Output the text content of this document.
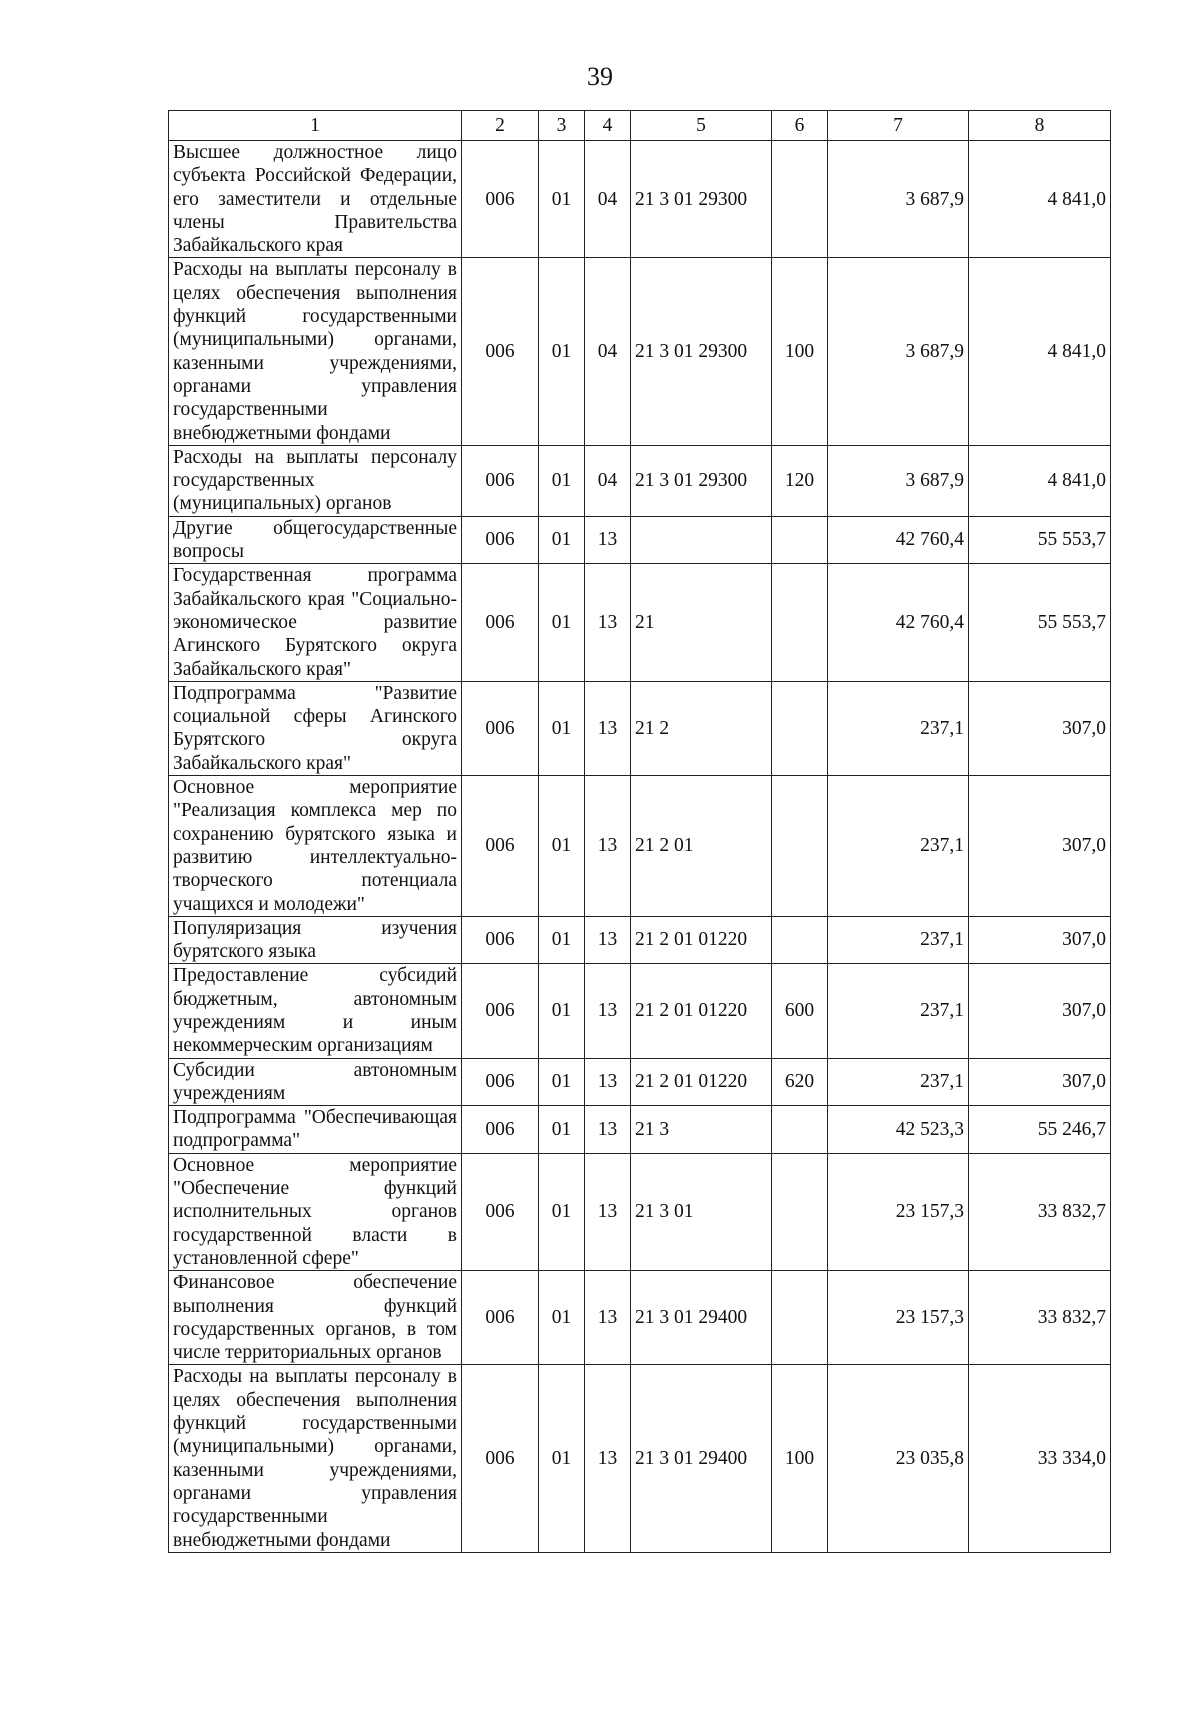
39
1	2	3	4	5	6	7	8
Высшее должностное лицо субъекта Российской Федерации, его заместители и отдельные члены Правительства Забайкальского края	006	01	04	21 3 01 29300		3 687,9	4 841,0
Расходы на выплаты персоналу в целях обеспечения выполнения функций государственными (муниципальными) органами, казенными учреждениями, органами управления государственными внебюджетными фондами	006	01	04	21 3 01 29300	100	3 687,9	4 841,0
Расходы на выплаты персоналу государственных (муниципальных) органов	006	01	04	21 3 01 29300	120	3 687,9	4 841,0
Другие общегосударственные вопросы	006	01	13			42 760,4	55 553,7
Государственная программа Забайкальского края "Социально-экономическое развитие Агинского Бурятского округа Забайкальского края"	006	01	13	21		42 760,4	55 553,7
Подпрограмма "Развитие социальной сферы Агинского Бурятского округа Забайкальского края"	006	01	13	21 2		237,1	307,0
Основное мероприятие "Реализация комплекса мер по сохранению бурятского языка и развитию интеллектуально-творческого потенциала учащихся и молодежи"	006	01	13	21 2 01		237,1	307,0
Популяризация изучения бурятского языка	006	01	13	21 2 01 01220		237,1	307,0
Предоставление субсидий бюджетным, автономным учреждениям и иным некоммерческим организациям	006	01	13	21 2 01 01220	600	237,1	307,0
Субсидии автономным учреждениям	006	01	13	21 2 01 01220	620	237,1	307,0
Подпрограмма "Обеспечивающая подпрограмма"	006	01	13	21 3		42 523,3	55 246,7
Основное мероприятие "Обеспечение функций исполнительных органов государственной власти в установленной сфере"	006	01	13	21 3 01		23 157,3	33 832,7
Финансовое обеспечение выполнения функций государственных органов, в том числе территориальных органов	006	01	13	21 3 01 29400		23 157,3	33 832,7
Расходы на выплаты персоналу в целях обеспечения выполнения функций государственными (муниципальными) органами, казенными учреждениями, органами управления государственными внебюджетными фондами	006	01	13	21 3 01 29400	100	23 035,8	33 334,0
